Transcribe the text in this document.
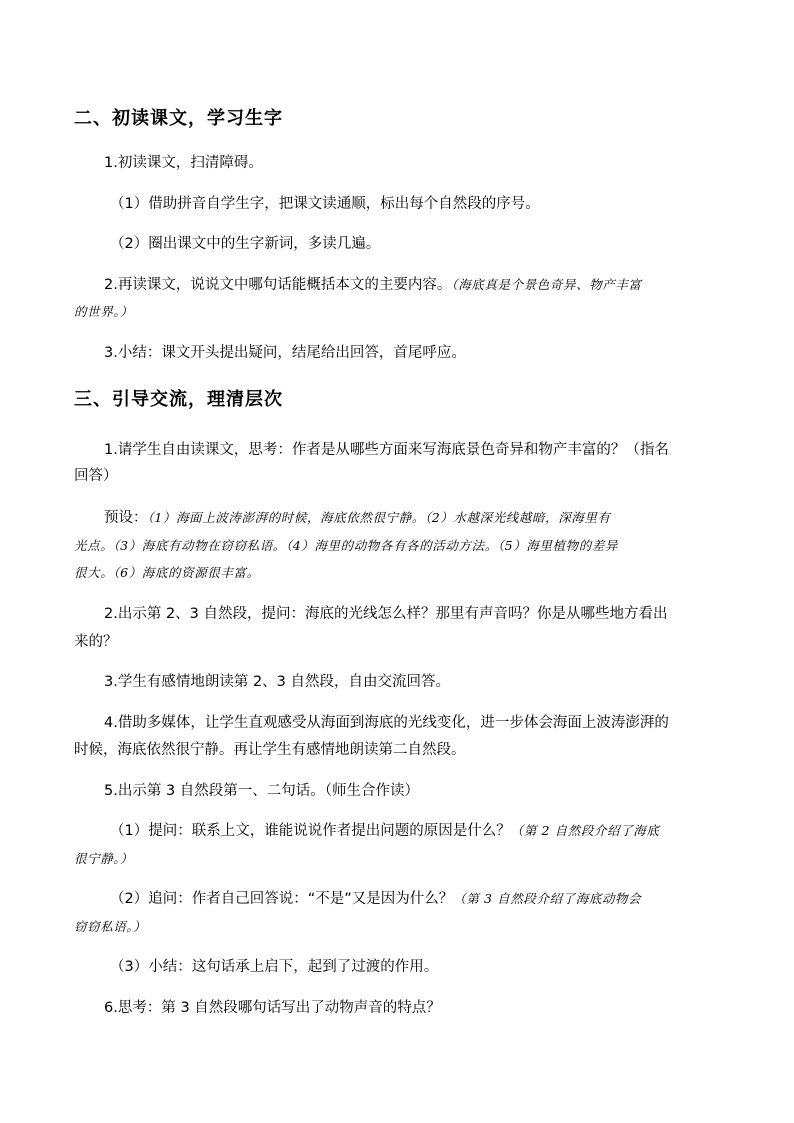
二、初读课文，学习生字
1.初读课文，扫清障碍。
（1）借助拼音自学生字，把课文读通顺，标出每个自然段的序号。
（2）圈出课文中的生字新词，多读几遍。
2.再读课文，说说文中哪句话能概括本文的主要内容。（海底真是个景色奇异、物产丰富
的世界。）
3.小结：课文开头提出疑问，结尾给出回答，首尾呼应。
三、引导交流，理清层次
1.请学生自由读课文，思考：作者是从哪些方面来写海底景色奇异和物产丰富的？（指名
回答）
预设：（1）海面上波涛澎湃的时候，海底依然很宁静。（2）水越深光线越暗，深海里有
光点。（3）海底有动物在窃窃私语。（4）海里的动物各有各的活动方法。（5）海里植物的差异
很大。（6）海底的资源很丰富。
2.出示第 2、3 自然段，提问：海底的光线怎么样？那里有声音吗？你是从哪些地方看出
来的？
3.学生有感情地朗读第 2、3 自然段，自由交流回答。
4.借助多媒体，让学生直观感受从海面到海底的光线变化，进一步体会海面上波涛澎湃的
时候，海底依然很宁静。再让学生有感情地朗读第二自然段。
5.出示第 3 自然段第一、二句话。（师生合作读）
（1）提问：联系上文，谁能说说作者提出问题的原因是什么？（第 2 自然段介绍了海底
很宁静。）
（2）追问：作者自己回答说：“不是”又是因为什么？（第 3 自然段介绍了海底动物会
窃窃私语。）
（3）小结：这句话承上启下，起到了过渡的作用。
6.思考：第 3 自然段哪句话写出了动物声音的特点？
